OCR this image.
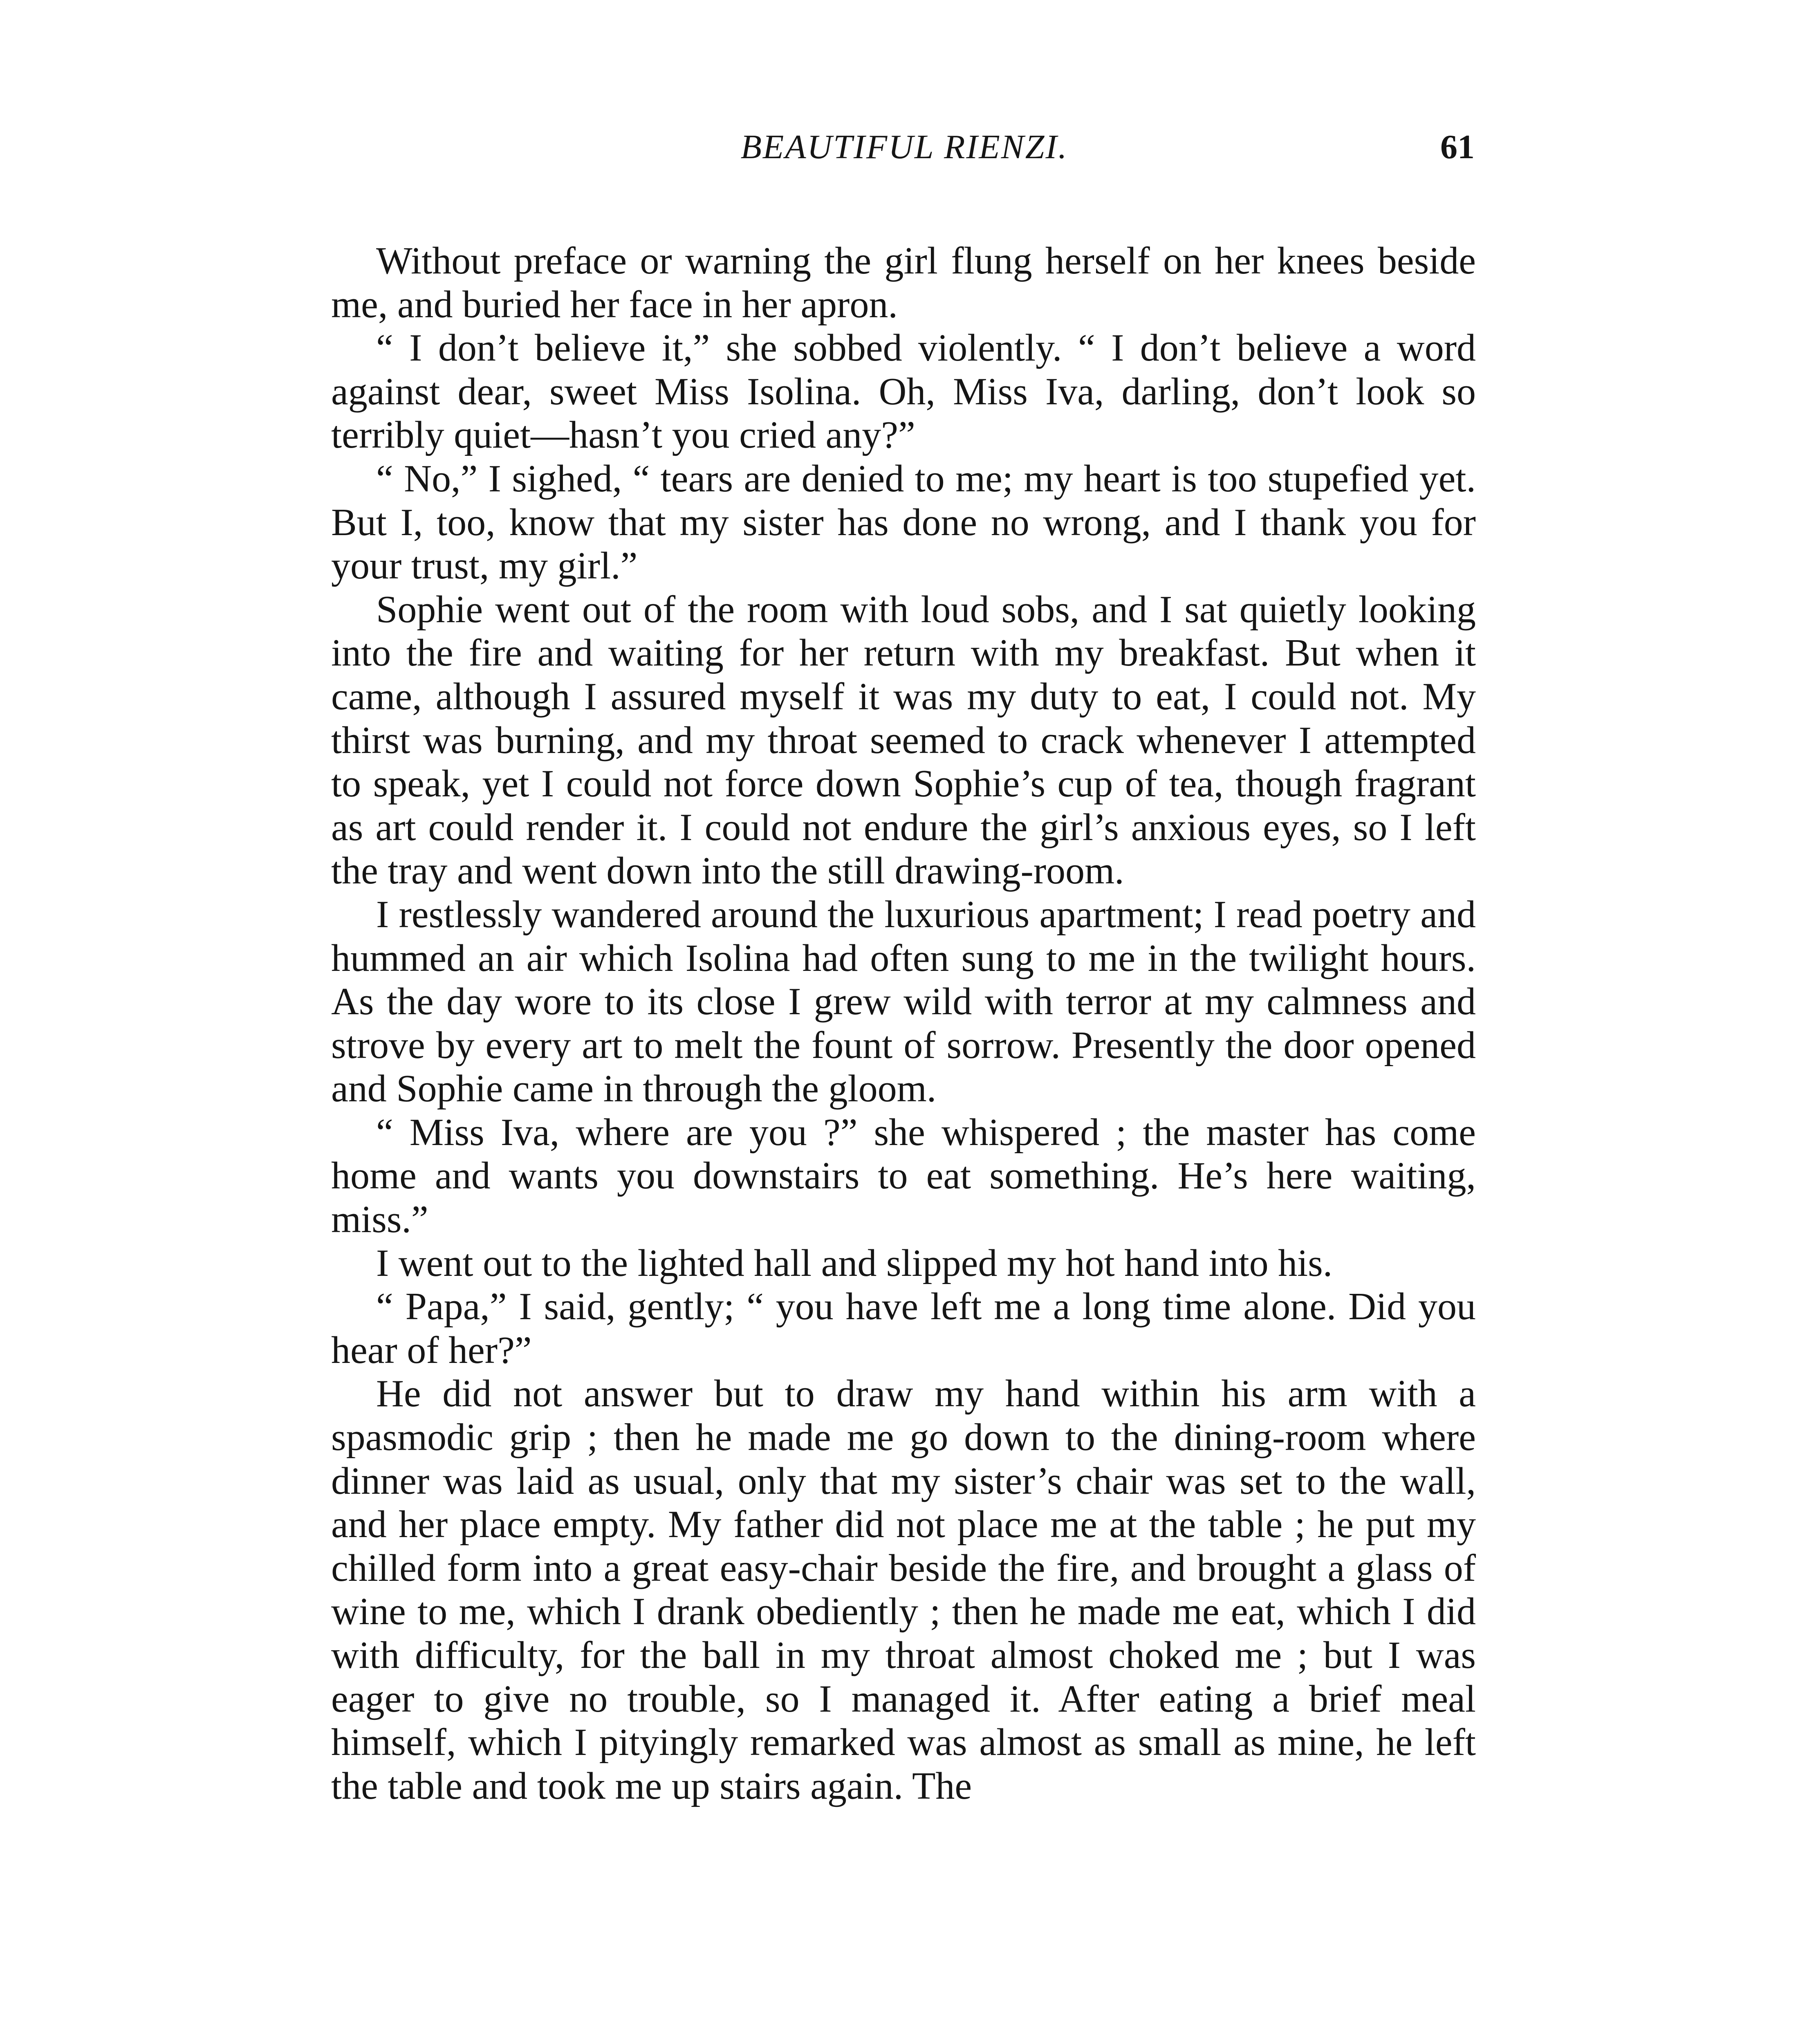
BEAUTIFUL RIENZI.	61

Without preface or warning the girl flung herself on her knees beside me, and buried her face in her apron.

“ I don’t believe it,” she sobbed violently. “ I don’t believe a word against dear, sweet Miss Isolina. Oh, Miss Iva, darling, don’t look so terribly quiet—hasn’t you cried any?”

“ No,” I sighed, “ tears are denied to me; my heart is too stupefied yet. But I, too, know that my sister has done no wrong, and I thank you for your trust, my girl.”

Sophie went out of the room with loud sobs, and I sat quietly looking into the fire and waiting for her return with my breakfast. But when it came, although I assured myself it was my duty to eat, I could not. My thirst was burning, and my throat seemed to crack whenever I attempted to speak, yet I could not force down Sophie’s cup of tea, though fragrant as art could render it. I could not endure the girl’s anxious eyes, so I left the tray and went down into the still drawing-room.

I restlessly wandered around the luxurious apartment; I read poetry and hummed an air which Isolina had often sung to me in the twilight hours. As the day wore to its close I grew wild with terror at my calmness and strove by every art to melt the fount of sorrow. Presently the door opened and Sophie came in through the gloom.

“ Miss Iva, where are you ?” she whispered ; the master has come home and wants you downstairs to eat something. He’s here waiting, miss.”

I went out to the lighted hall and slipped my hot hand into his.

“ Papa,” I said, gently; “ you have left me a long time alone. Did you hear of her?”

He did not answer but to draw my hand within his arm with a spasmodic grip ; then he made me go down to the dining-room where dinner was laid as usual, only that my sister’s chair was set to the wall, and her place empty. My father did not place me at the table ; he put my chilled form into a great easy-chair beside the fire, and brought a glass of wine to me, which I drank obediently ; then he made me eat, which I did with difficulty, for the ball in my throat almost choked me ; but I was eager to give no trouble, so I managed it. After eating a brief meal himself, which I pityingly remarked was almost as small as mine, he left the table and took me up stairs again. The
